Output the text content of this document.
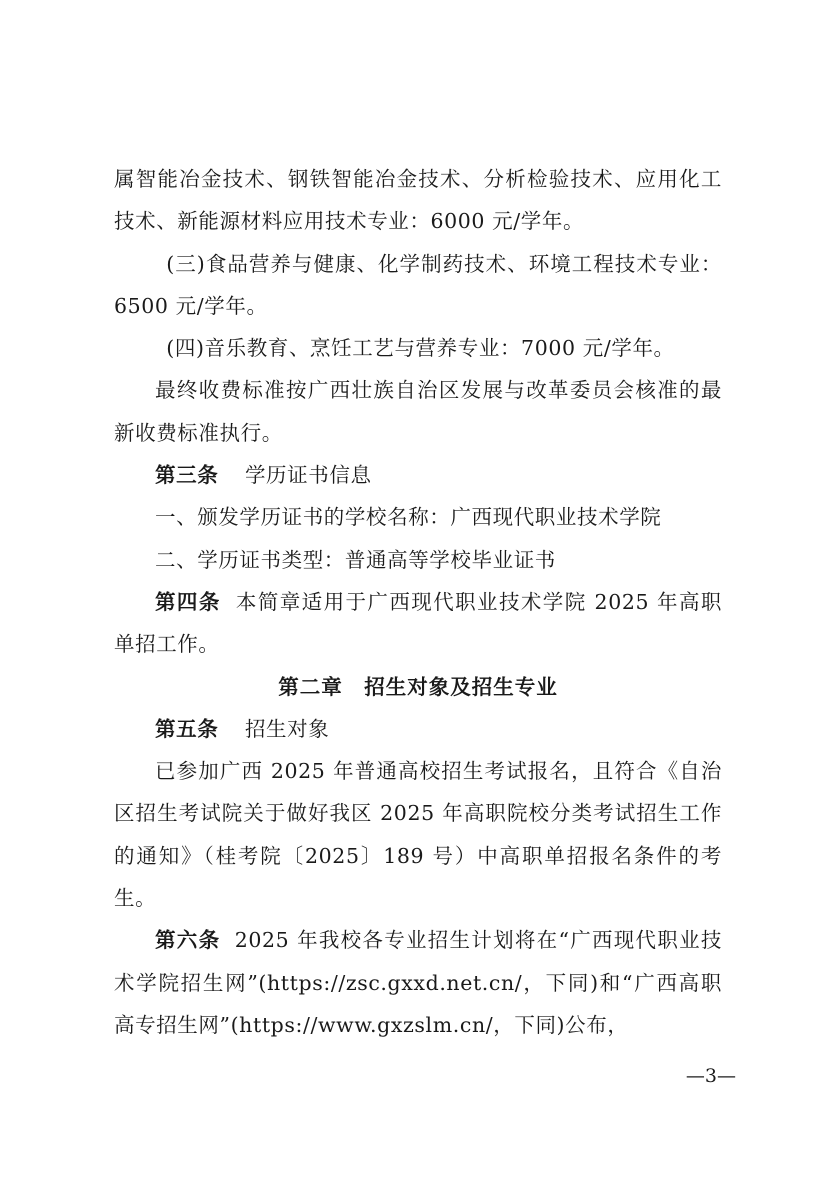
属智能冶金技术、钢铁智能冶金技术、分析检验技术、应用化工技术、新能源材料应用技术专业：6000 元/学年。

(三)食品营养与健康、化学制药技术、环境工程技术专业：6500 元/学年。

(四)音乐教育、烹饪工艺与营养专业：7000 元/学年。

最终收费标准按广西壮族自治区发展与改革委员会核准的最新收费标准执行。

第三条 学历证书信息

一、颁发学历证书的学校名称：广西现代职业技术学院

二、学历证书类型：普通高等学校毕业证书

第四条 本简章适用于广西现代职业技术学院 2025 年高职单招工作。

第二章　招生对象及招生专业

第五条 招生对象

已参加广西 2025 年普通高校招生考试报名，且符合《自治区招生考试院关于做好我区 2025 年高职院校分类考试招生工作的通知》（桂考院〔2025〕189 号）中高职单招报名条件的考生。

第六条 2025 年我校各专业招生计划将在“广西现代职业技术学院招生网”(https://zsc.gxxd.net.cn/，下同)和“广西高职高专招生网”(https://www.gxzslm.cn/，下同)公布，

—3—
